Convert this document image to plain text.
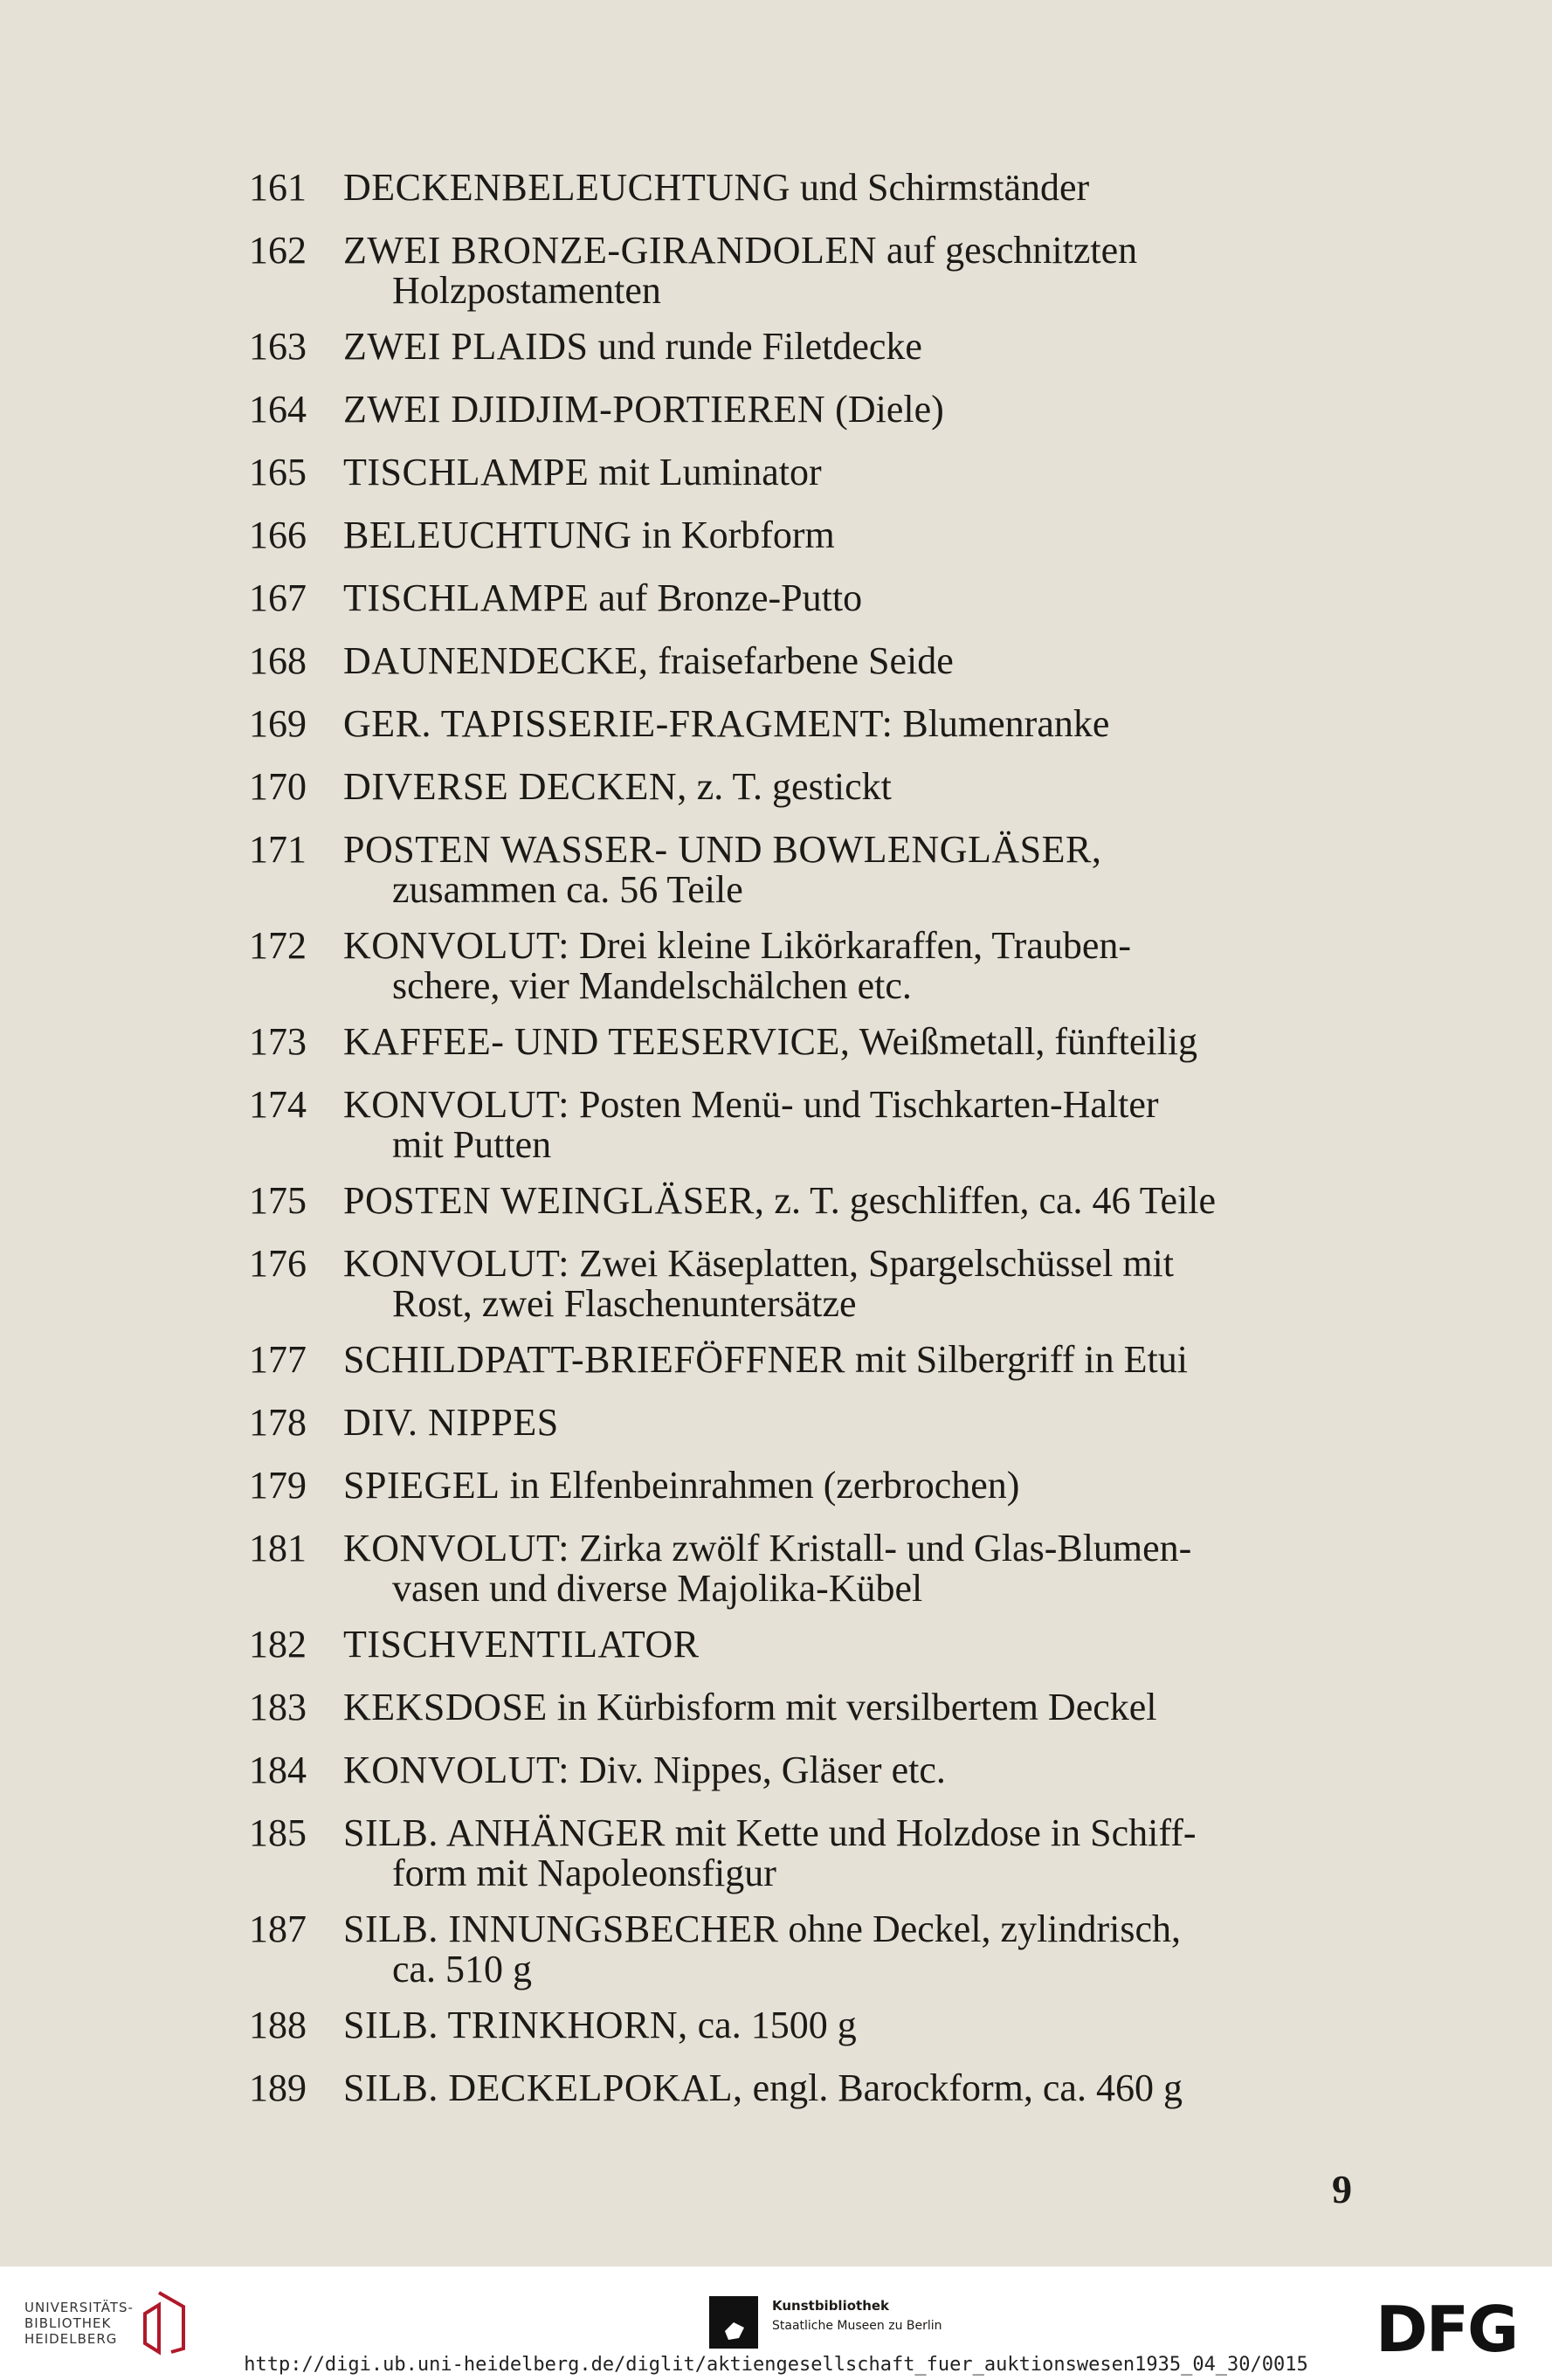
161 DECKENBELEUCHTUNG und Schirmständer
162 ZWEI BRONZE-GIRANDOLEN auf geschnitzten
Holzpostamenten
163 ZWEI PLAIDS und runde Filetdecke
164 ZWEI DJIDJIM-PORTIEREN (Diele)
165 TISCHLAMPE mit Luminator
166 BELEUCHTUNG in Korbform
167 TISCHLAMPE auf Bronze-Putto
168 DAUNENDECKE, fraisefarbene Seide
169 GER. TAPISSERIE-FRAGMENT: Blumenranke
170 DIVERSE DECKEN, z. T. gestickt
171 POSTEN WASSER- UND BOWLENGLÄSER,
zusammen ca. 56 Teile
172 KONVOLUT: Drei kleine Likörkaraffen, Trauben-
schere, vier Mandelschälchen etc.
173 KAFFEE- UND TEESERVICE, Weißmetall, fünfteilig
174 KONVOLUT: Posten Menü- und Tischkarten-Halter
mit Putten
175 POSTEN WEINGLÄSER, z. T. geschliffen, ca. 46 Teile
176 KONVOLUT: Zwei Käseplatten, Spargelschüssel mit
Rost, zwei Flaschenuntersätze
177 SCHILDPATT-BRIEFÖFFNER mit Silbergriff in Etui
178 DIV. NIPPES
179 SPIEGEL in Elfenbeinrahmen (zerbrochen)
181 KONVOLUT: Zirka zwölf Kristall- und Glas-Blumen-
vasen und diverse Majolika-Kübel
182 TISCHVENTILATOR
183 KEKSDOSE in Kürbisform mit versilbertem Deckel
184 KONVOLUT: Div. Nippes, Gläser etc.
185 SILB. ANHÄNGER mit Kette und Holzdose in Schiff-
form mit Napoleonsfigur
187 SILB. INNUNGSBECHER ohne Deckel, zylindrisch,
ca. 510 g
188 SILB. TRINKHORN, ca. 1500 g
189 SILB. DECKELPOKAL, engl. Barockform, ca. 460 g
9
UNIVERSITÄTS-
BIBLIOTHEK
HEIDELBERG
Kunstbibliothek
Staatliche Museen zu Berlin	DFG
http://digi.ub.uni-heidelberg.de/diglit/aktiengesellschaft_fuer_auktionswesen1935_04_30/0015
